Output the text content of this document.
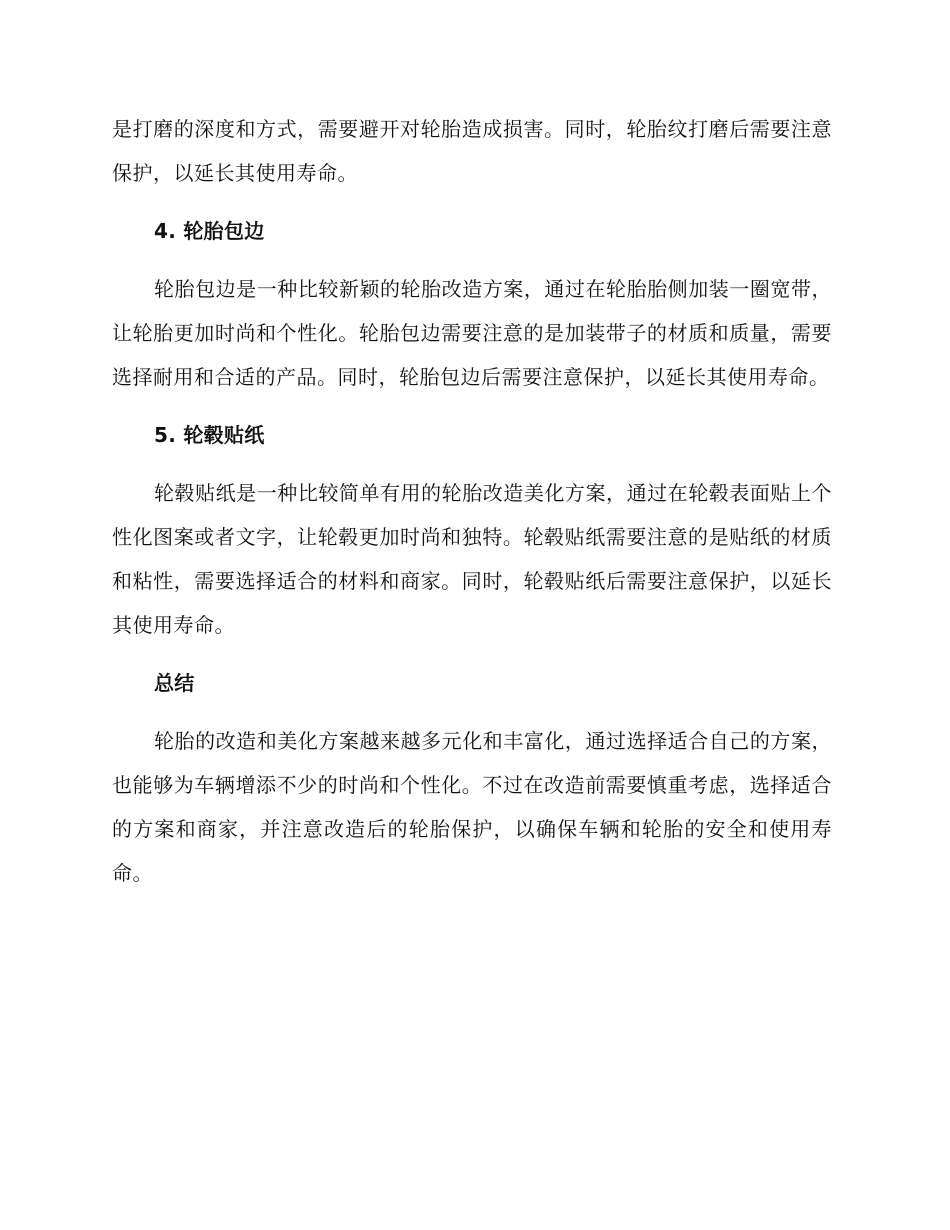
是打磨的深度和方式，需要避开对轮胎造成损害。同时，轮胎纹打磨后需要注意保护，以延长其使用寿命。

4. 轮胎包边

轮胎包边是一种比较新颖的轮胎改造方案，通过在轮胎胎侧加装一圈宽带，让轮胎更加时尚和个性化。轮胎包边需要注意的是加装带子的材质和质量，需要选择耐用和合适的产品。同时，轮胎包边后需要注意保护，以延长其使用寿命。

5. 轮毂贴纸

轮毂贴纸是一种比较简单有用的轮胎改造美化方案，通过在轮毂表面贴上个性化图案或者文字，让轮毂更加时尚和独特。轮毂贴纸需要注意的是贴纸的材质和粘性，需要选择适合的材料和商家。同时，轮毂贴纸后需要注意保护，以延长其使用寿命。

总结

轮胎的改造和美化方案越来越多元化和丰富化，通过选择适合自己的方案，也能够为车辆增添不少的时尚和个性化。不过在改造前需要慎重考虑，选择适合的方案和商家，并注意改造后的轮胎保护，以确保车辆和轮胎的安全和使用寿命。
